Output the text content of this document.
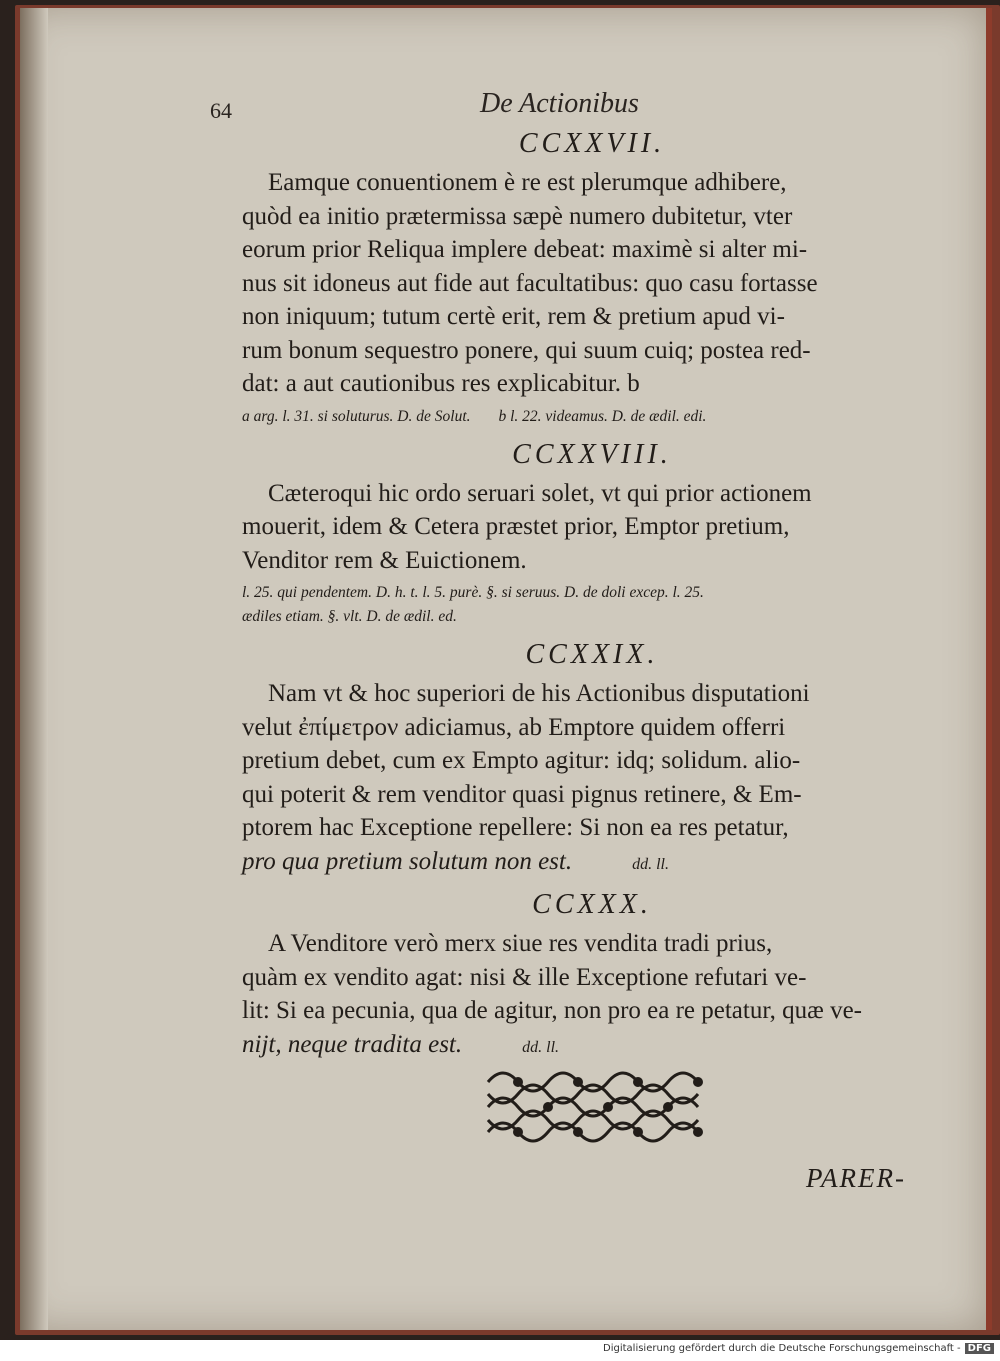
64	De Actionibus
CCXXVII.

Eamque conuentionem è re est plerumque adhibere,
quòd ea initio prætermissa sæpè numero dubitetur, vter
eorum prior Reliqua implere debeat: maximè si alter mi-
nus sit idoneus aut fide aut facultatibus: quo casu fortasse
non iniquum; tutum certè erit, rem & pretium apud vi-
rum bonum sequestro ponere, qui suum cuiq; postea red-
dat: a aut cautionibus res explicabitur. b

a arg. l. 31. si soluturus. D. de Solut. b l. 22. videamus. D. de ædil. edi.
CCXXVIII.

Cæteroqui hic ordo seruari solet, vt qui prior actionem
mouerit, idem & Cetera præstet prior, Emptor pretium,
Venditor rem & Euictionem.

l. 25. qui pendentem. D. h. t. l. 5. purè. §. si seruus. D. de doli excep. l. 25.
ædiles etiam. §. vlt. D. de ædil. ed.
CCXXIX.

Nam vt & hoc superiori de his Actionibus disputationi
velut ἐπίμετρον adiciamus, ab Emptore quidem offerri
pretium debet, cum ex Empto agitur: idq; solidum. alio-
qui poterit & rem venditor quasi pignus retinere, & Em-
ptorem hac Exceptione repellere: Si non ea res petatur,
pro qua pretium solutum non est.	dd. ll.

CCXXX.

A Venditore verò merx siue res vendita tradi prius,
quàm ex vendito agat: nisi & ille Exceptione refutari ve-
lit: Si ea pecunia, qua de agitur, non pro ea re petatur, quæ ve-
nijt, neque tradita est.	dd. ll.

PARER-
Digitalisierung gefördert durch die Deutsche Forschungsgemeinschaft - DFG
